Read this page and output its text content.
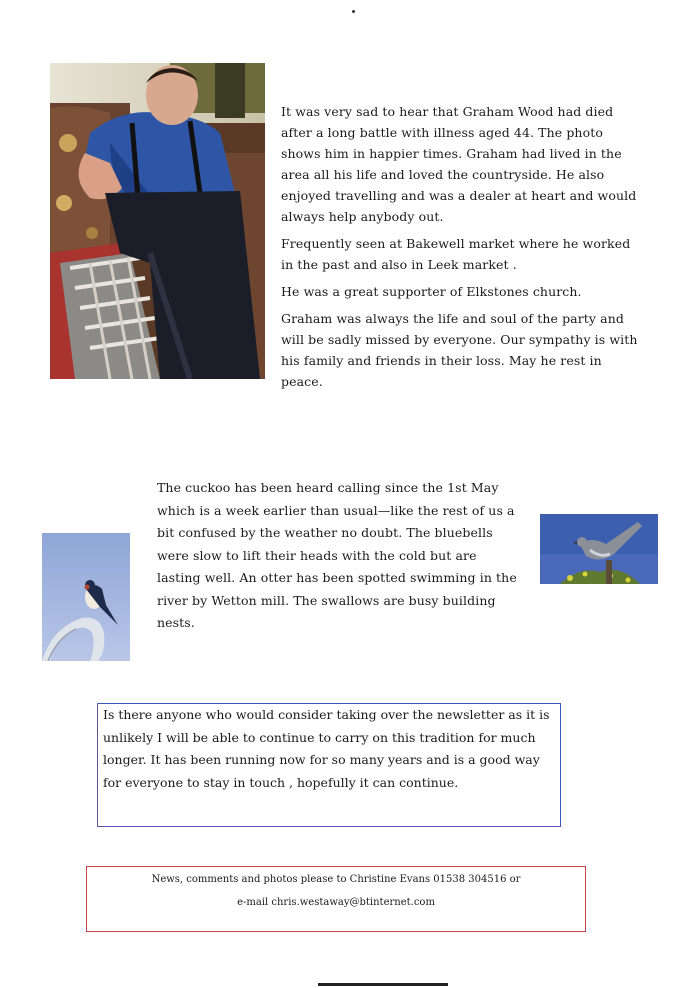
It was very sad to hear that Graham Wood had died after a long battle with illness aged 44. The photo shows him in happier times. Graham had lived in the area all his life and loved the countryside. He also enjoyed travelling and was a dealer at heart and would always help anybody out.

Frequently seen at Bakewell market where he worked in the past and also in Leek market .

He was a great supporter of Elkstones church.

Graham was always the life and soul of the party and will be sadly missed by everyone. Our sympathy is with his family and friends in their loss. May he rest in peace.

The cuckoo has been heard calling since the 1st May which is a week earlier than usual—like the rest of us a bit confused by the weather no doubt. The bluebells were slow to lift their heads with the cold but are lasting well. An otter has been spotted swimming in the river by Wetton mill. The swallows are busy building nests.
Is there anyone who would consider taking over the newsletter as it is unlikely I will be able to continue to carry on this tradition for much longer. It has been running now for so many years and is a good way for everyone to stay in touch , hopefully it can continue.
News, comments and photos please to Christine Evans 01538 304516 or
e-mail chris.westaway@btinternet.com
